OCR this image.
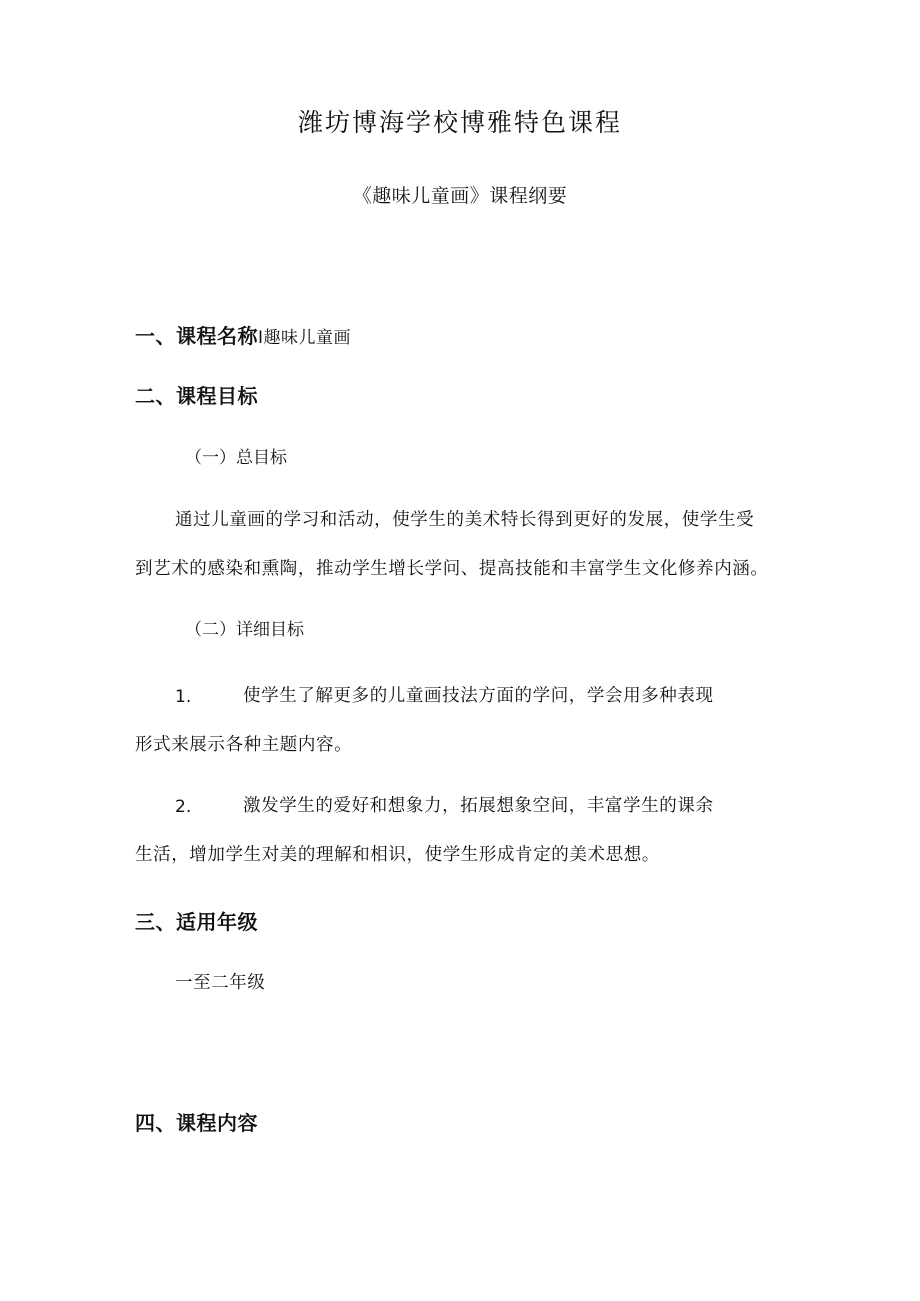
潍坊博海学校博雅特色课程
《趣味儿童画》课程纲要
一、课程名称I趣味儿童画
二、课程目标
（一）总目标
通过儿童画的学习和活动，使学生的美术特长得到更好的发展，使学生受
到艺术的感染和熏陶，推动学生增长学问、提高技能和丰富学生文化修养内涵。
（二）详细目标
1.	使学生了解更多的儿童画技法方面的学问，学会用多种表现
形式来展示各种主题内容。
2.	激发学生的爱好和想象力，拓展想象空间，丰富学生的课余
生活，增加学生对美的理解和相识，使学生形成肯定的美术思想。
三、适用年级
一至二年级
四、课程内容
